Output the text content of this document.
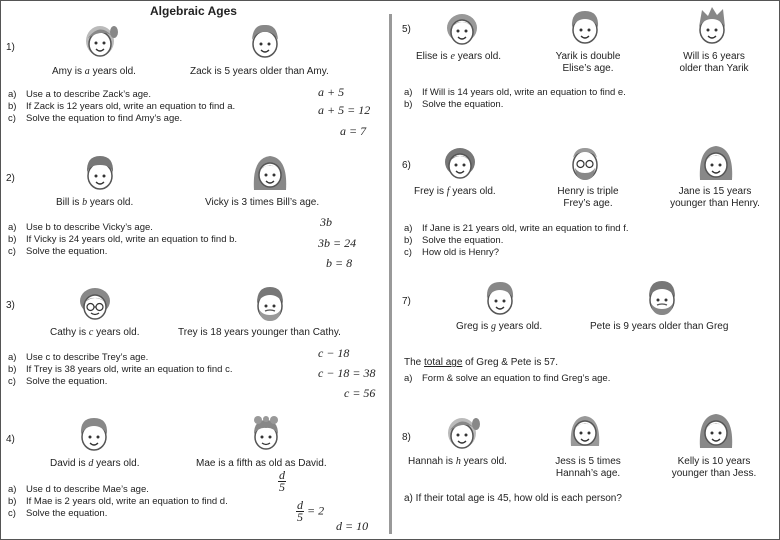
Algebraic Ages
1)
Amy is a years old.	Zack is 5 years older than Amy.
a) Use a to describe Zack’s age.
b) If Zack is 12 years old, write an equation to find a.
c) Solve the equation to find Amy’s age.
a + 5
a + 5 = 12
a = 7
2)
Bill is b years old.	Vicky is 3 times Bill’s age.
a) Use b to describe Vicky’s age.
b) If Vicky is 24 years old, write an equation to find b.
c) Solve the equation.
3b
3b = 24
b = 8
3)
Cathy is c years old.	Trey is 18 years younger than Cathy.
a) Use c to describe Trey’s age.
b) If Trey is 38 years old, write an equation to find c.
c) Solve the equation.
c − 18
c − 18 = 38
c = 56
4)
David is d years old.	Mae is a fifth as old as David.
a) Use d to describe Mae’s age.
b) If Mae is 2 years old, write an equation to find d.
c) Solve the equation.
$\frac{d}{5}$
$\frac{d}{5} = 2$
d = 10
5)
Elise is e years old.	Yarik is double Elise’s age.
Will is 6 years older than Yarik
a) If Will is 14 years old, write an equation to find e.
b) Solve the equation.
6)
Frey is f years old.	Henry is triple Frey’s age.
Jane is 15 years younger than Henry.
a) If Jane is 21 years old, write an equation to find f.
b) Solve the equation.
c) How old is Henry?
7)
Greg is g years old.	Pete is 9 years older than Greg
The total age of Greg & Pete is 57.
a) Form & solve an equation to find Greg’s age.
8)
Hannah is h years old.	Jess is 5 times Hannah’s age.
Kelly is 10 years younger than Jess.
a) If their total age is 45, how old is each person?
